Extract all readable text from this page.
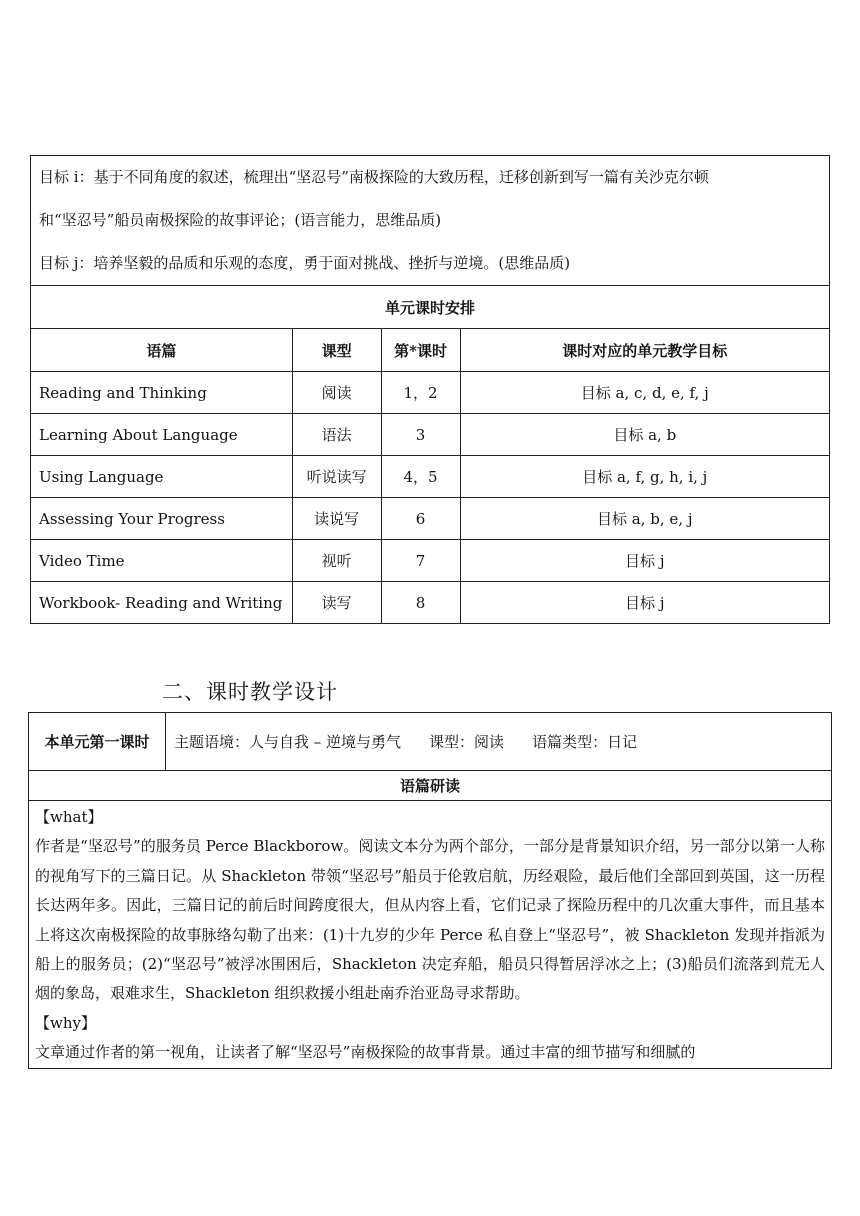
目标 i：基于不同角度的叙述，梳理出“坚忍号”南极探险的大致历程，迁移创新到写一篇有关沙克尔顿
和“坚忍号”船员南极探险的故事评论；(语言能力，思维品质)
目标 j：培养坚毅的品质和乐观的态度，勇于面对挑战、挫折与逆境。(思维品质)			

单元课时安排			
语篇	课型	第*课时	课时对应的单元教学目标
Reading and Thinking	阅读	1，2	目标 a, c, d, e, f, j
Learning About Language	语法	3	目标 a, b
Using Language	听说读写	4，5	目标 a, f, g, h, i, j
Assessing Your Progress	读说写	6	目标 a, b, e, j
Video Time	视听	7	目标 j
Workbook- Reading and Writing	读写	8	目标 j
二、课时教学设计
本单元第一课时	主题语境：人与自我 – 逆境与勇气 课型：阅读 语篇类型：日记
语篇研读

【what】
作者是“坚忍号”的服务员 Perce Blackborow。阅读文本分为两个部分，一部分是背景知识介绍，另一部分以第一人称的视角写下的三篇日记。从 Shackleton 带领“坚忍号”船员于伦敦启航，历经艰险，最后他们全部回到英国，这一历程长达两年多。因此，三篇日记的前后时间跨度很大，但从内容上看，它们记录了探险历程中的几次重大事件，而且基本上将这次南极探险的故事脉络勾勒了出来：(1)十九岁的少年 Perce 私自登上“坚忍号”，被 Shackleton 发现并指派为船上的服务员；(2)“坚忍号”被浮冰围困后，Shackleton 决定弃船，船员只得暂居浮冰之上；(3)船员们流落到荒无人烟的象岛，艰难求生，Shackleton 组织救援小组赴南乔治亚岛寻求帮助。
【why】
文章通过作者的第一视角，让读者了解“坚忍号”南极探险的故事背景。通过丰富的细节描写和细腻的
